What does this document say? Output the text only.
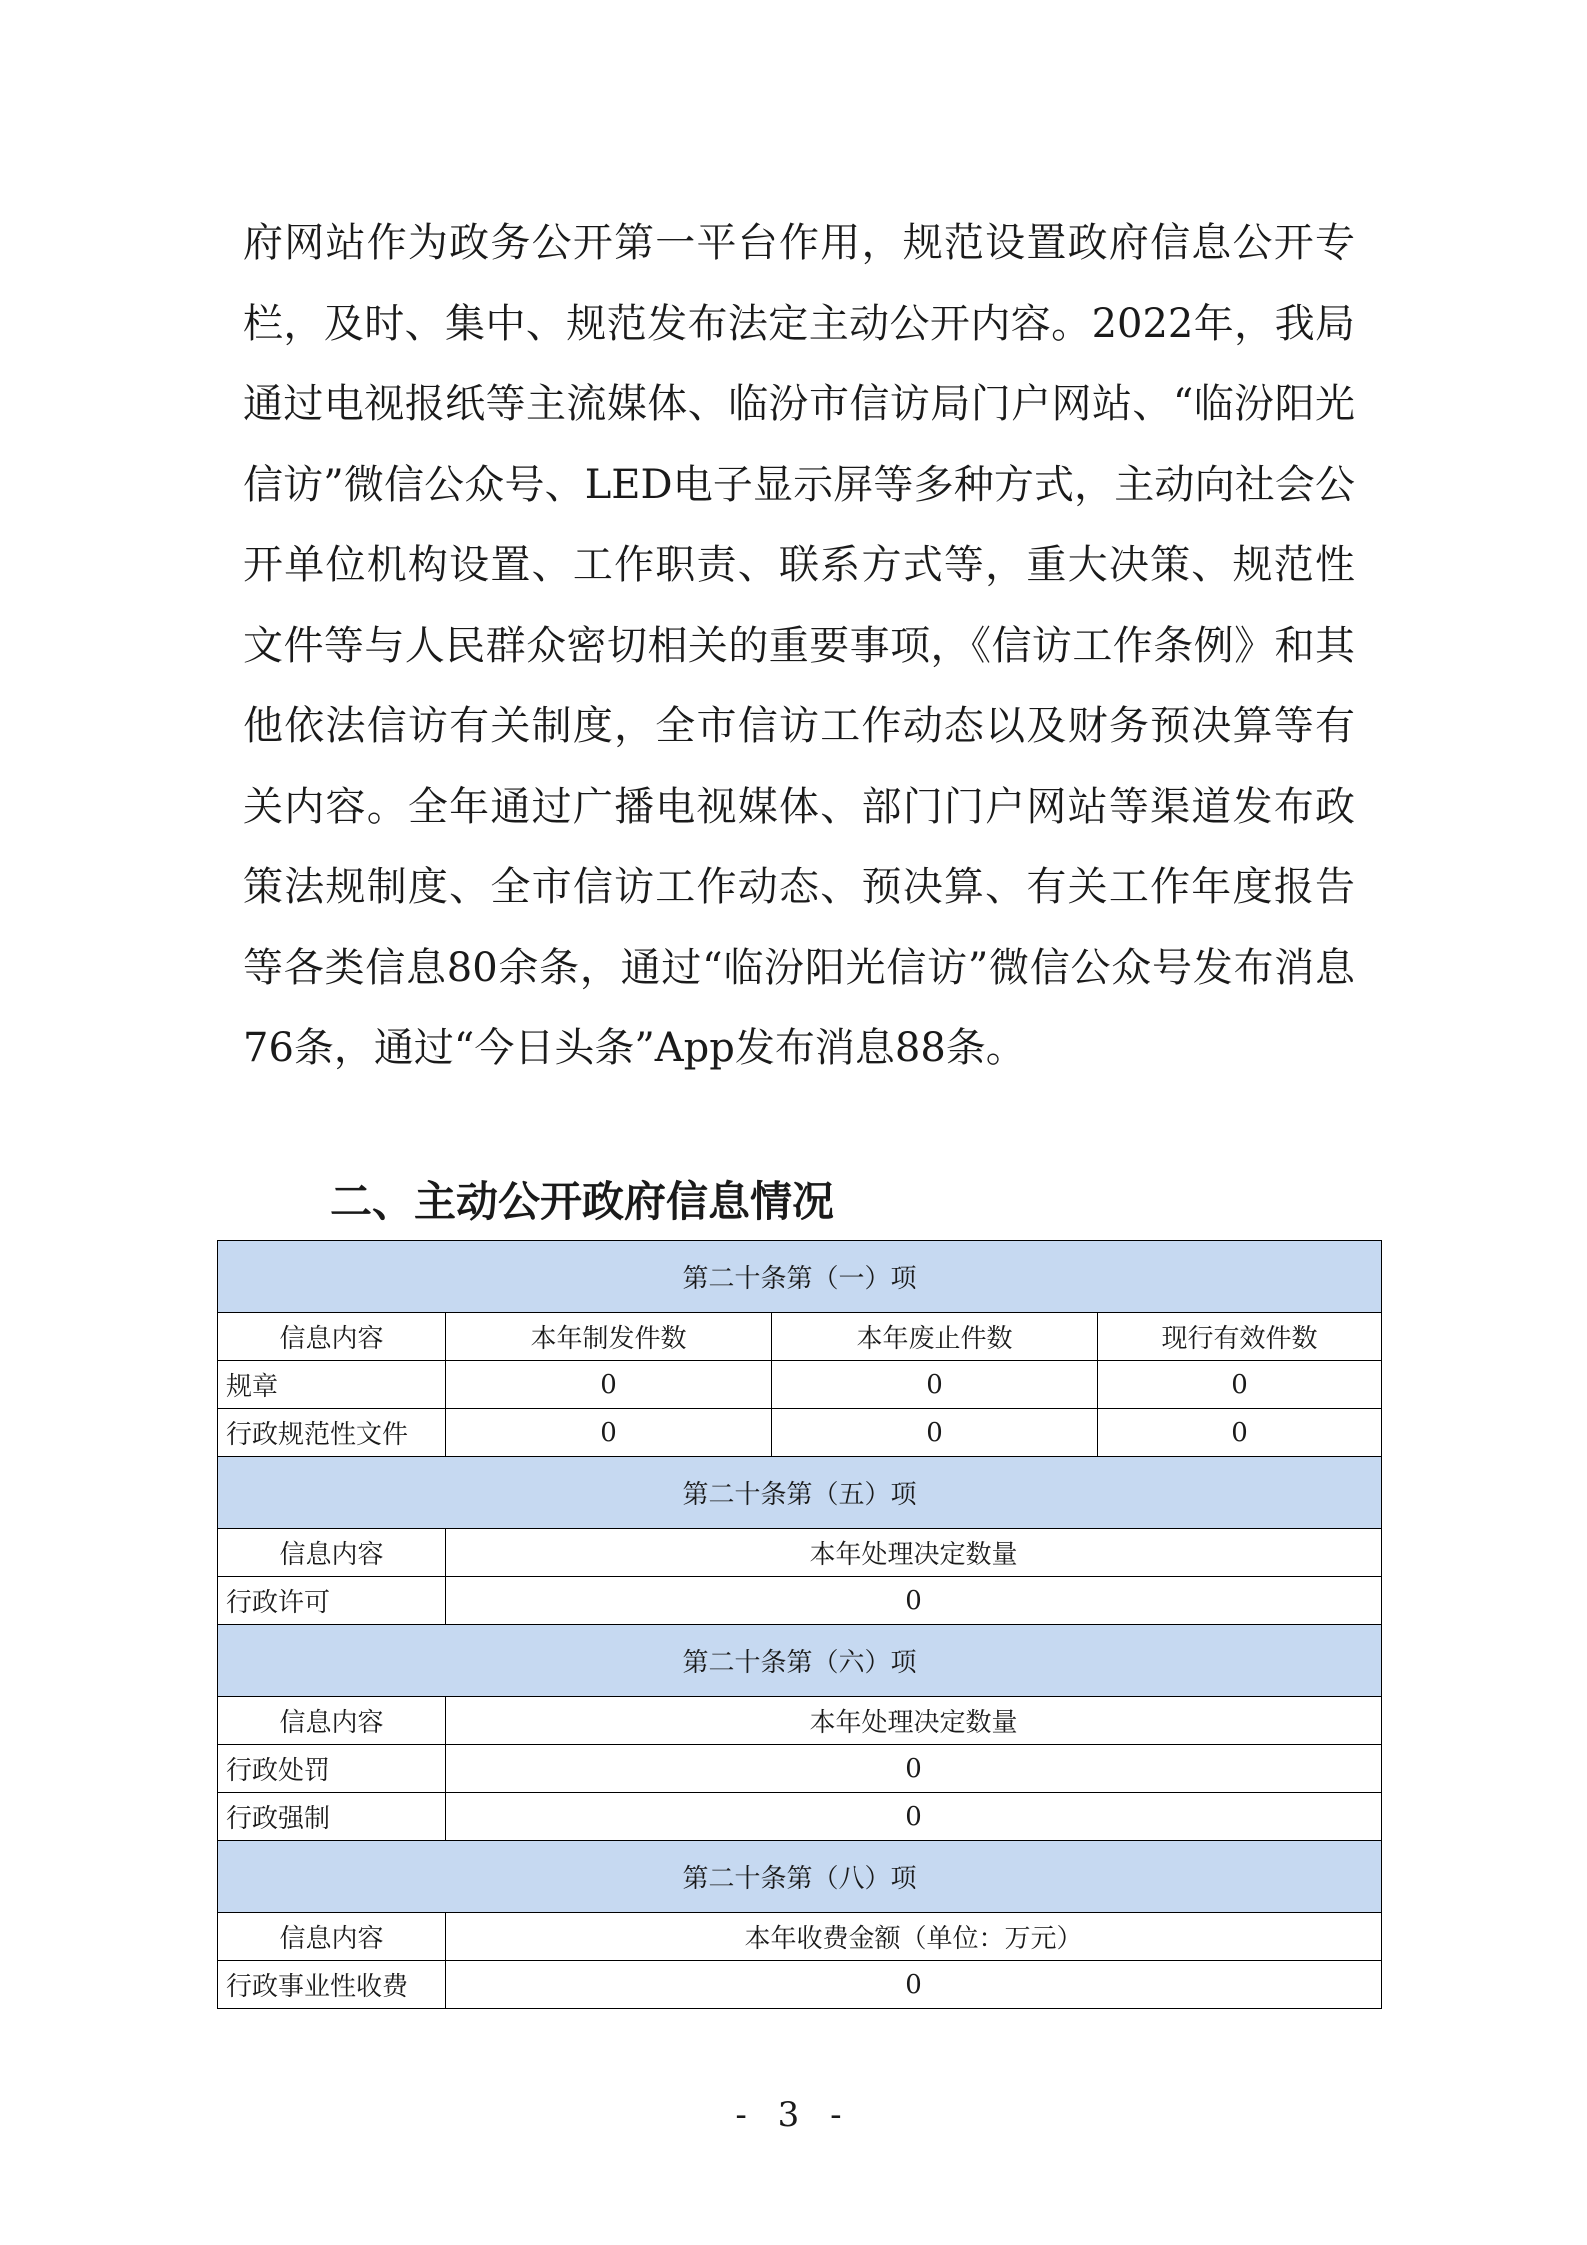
府网站作为政务公开第一平台作用，规范设置政府信息公开专栏，及时、集中、规范发布法定主动公开内容。2022年，我局通过电视报纸等主流媒体、临汾市信访局门户网站、“临汾阳光信访”微信公众号、LED电子显示屏等多种方式，主动向社会公开单位机构设置、工作职责、联系方式等，重大决策、规范性文件等与人民群众密切相关的重要事项，《信访工作条例》和其他依法信访有关制度，全市信访工作动态以及财务预决算等有关内容。全年通过广播电视媒体、部门门户网站等渠道发布政策法规制度、全市信访工作动态、预决算、有关工作年度报告等各类信息80余条，通过“临汾阳光信访”微信公众号发布消息76条，通过“今日头条”App发布消息88条。

二、主动公开政府信息情况
第二十条第（一）项			
信息内容	本年制发件数	本年废止件数	现行有效件数
规章	0	0	0
行政规范性文件	0	0	0
第二十条第（五）项			
信息内容	本年处理决定数量		
行政许可	0		
第二十条第（六）项			
信息内容	本年处理决定数量		
行政处罚	0		
行政强制	0		
第二十条第（八）项			
信息内容	本年收费金额（单位：万元）		
行政事业性收费	0		
- 3 -
